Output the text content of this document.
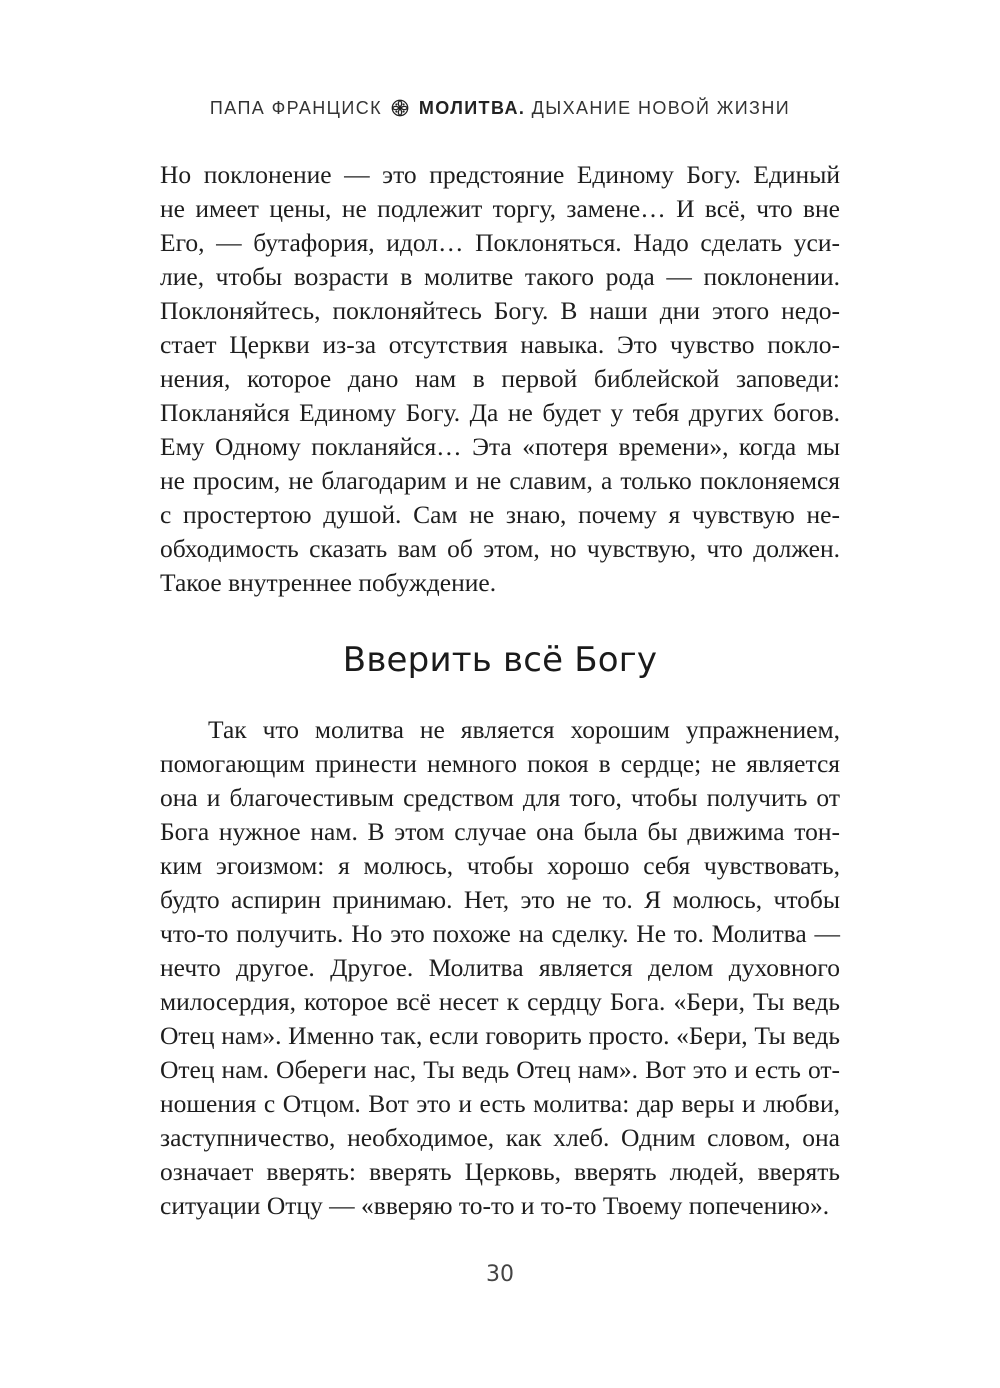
ПАПА ФРАНЦИСК МОЛИТВА. ДЫХАНИЕ НОВОЙ ЖИЗНИ
Но поклонение — это предстояние Единому Богу. Единый
не имеет цены, не подлежит торгу, замене… И всё, что вне
Его, — бутафория, идол… Поклоняться. Надо сделать уси-
лие, чтобы возрасти в молитве такого рода — поклонении.
Поклоняйтесь, поклоняйтесь Богу. В наши дни этого недо-
стает Церкви из-за отсутствия навыка. Это чувство покло-
нения, которое дано нам в первой библейской заповеди:
Покланяйся Единому Богу. Да не будет у тебя других богов.
Ему Одному покланяйся… Эта «потеря времени», когда мы
не просим, не благодарим и не славим, а только поклоняемся
с простертою душой. Сам не знаю, почему я чувствую не-
обходимость сказать вам об этом, но чувствую, что должен.
Такое внутреннее побуждение.
Вверить всё Богу
Так что молитва не является хорошим упражнением,
помогающим принести немного покоя в сердце; не является
она и благочестивым средством для того, чтобы получить от
Бога нужное нам. В этом случае она была бы движима тон-
ким эгоизмом: я молюсь, чтобы хорошо себя чувствовать,
будто аспирин принимаю. Нет, это не то. Я молюсь, чтобы
что-то получить. Но это похоже на сделку. Не то. Молитва —
нечто другое. Другое. Молитва является делом духовного
милосердия, которое всё несет к сердцу Бога. «Бери, Ты ведь
Отец нам». Именно так, если говорить просто. «Бери, Ты ведь
Отец нам. Обереги нас, Ты ведь Отец нам». Вот это и есть от-
ношения с Отцом. Вот это и есть молитва: дар веры и любви,
заступничество, необходимое, как хлеб. Одним словом, она
означает вверять: вверять Церковь, вверять людей, вверять
ситуации Отцу — «вверяю то-то и то-то Твоему попечению».
30
